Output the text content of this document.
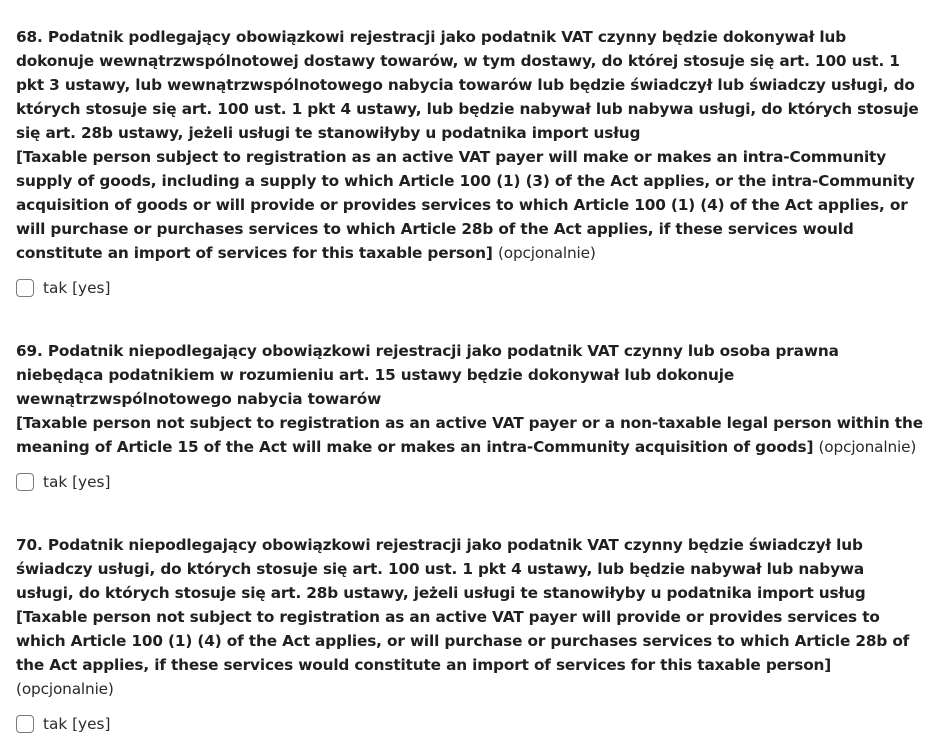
68. Podatnik podlegający obowiązkowi rejestracji jako podatnik VAT czynny będzie dokonywał lub dokonuje wewnątrzwspólnotowej dostawy towarów, w tym dostawy, do której stosuje się art. 100 ust. 1 pkt 3 ustawy, lub wewnątrzwspólnotowego nabycia towarów lub będzie świadczył lub świadczy usługi, do których stosuje się art. 100 ust. 1 pkt 4 ustawy, lub będzie nabywał lub nabywa usługi, do których stosuje się art. 28b ustawy, jeżeli usługi te stanowiłyby u podatnika import usług
[Taxable person subject to registration as an active VAT payer will make or makes an intra-Community supply of goods, including a supply to which Article 100 (1) (3) of the Act applies, or the intra-Community acquisition of goods or will provide or provides services to which Article 100 (1) (4) of the Act applies, or will purchase or purchases services to which Article 28b of the Act applies, if these services would constitute an import of services for this taxable person] (opcjonalnie)

tak [yes]

69. Podatnik niepodlegający obowiązkowi rejestracji jako podatnik VAT czynny lub osoba prawna niebędąca podatnikiem w rozumieniu art. 15 ustawy będzie dokonywał lub dokonuje wewnątrzwspólnotowego nabycia towarów
[Taxable person not subject to registration as an active VAT payer or a non-taxable legal person within the meaning of Article 15 of the Act will make or makes an intra-Community acquisition of goods] (opcjonalnie)

tak [yes]

70. Podatnik niepodlegający obowiązkowi rejestracji jako podatnik VAT czynny będzie świadczył lub świadczy usługi, do których stosuje się art. 100 ust. 1 pkt 4 ustawy, lub będzie nabywał lub nabywa usługi, do których stosuje się art. 28b ustawy, jeżeli usługi te stanowiłyby u podatnika import usług
[Taxable person not subject to registration as an active VAT payer will provide or provides services to which Article 100 (1) (4) of the Act applies, or will purchase or purchases services to which Article 28b of the Act applies, if these services would constitute an import of services for this taxable person] (opcjonalnie)

tak [yes]
